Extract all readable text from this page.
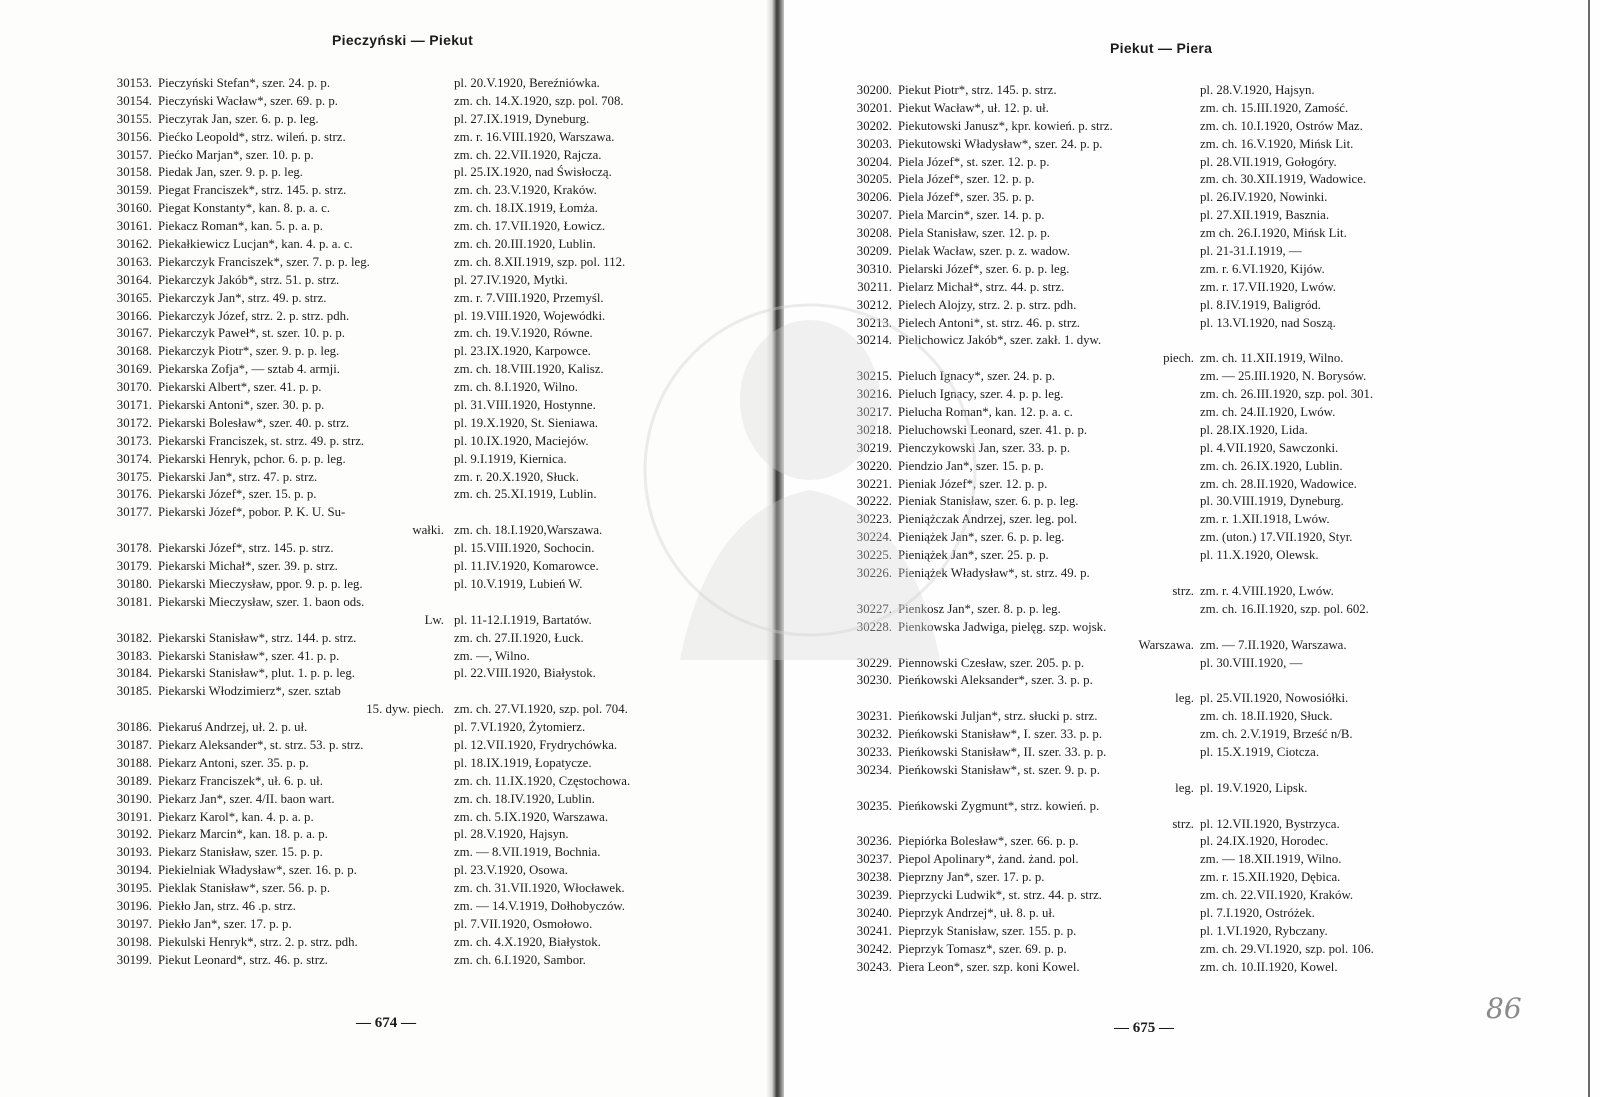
Pieczyński — Piekut
30153. Pieczyński Stefan*, szer. 24. p. p.	pl. 20.V.1920, Bereźniówka.
30154. Pieczyński Wacław*, szer. 69. p. p.	zm. ch. 14.X.1920, szp. pol. 708.
30155. Pieczyrak Jan, szer. 6. p. p. leg.	pl. 27.IX.1919, Dyneburg.
30156. Piećko Leopold*, strz. wileń. p. strz.	zm. r. 16.VIII.1920, Warszawa.
30157. Piećko Marjan*, szer. 10. p. p.	zm. ch. 22.VII.1920, Rajcza.
30158. Piedak Jan, szer. 9. p. p. leg.	pl. 25.IX.1920, nad Świsłoczą.
30159. Piegat Franciszek*, strz. 145. p. strz.	zm. ch. 23.V.1920, Kraków.
30160. Piegat Konstanty*, kan. 8. p. a. c.	zm. ch. 18.IX.1919, Łomża.
30161. Piekacz Roman*, kan. 5. p. a. p.	zm. ch. 17.VII.1920, Łowicz.
30162. Piekałkiewicz Lucjan*, kan. 4. p. a. c.	zm. ch. 20.III.1920, Lublin.
30163. Piekarczyk Franciszek*, szer. 7. p. p. leg.	zm. ch. 8.XII.1919, szp. pol. 112.
30164. Piekarczyk Jakób*, strz. 51. p. strz.	pl. 27.IV.1920, Mytki.
30165. Piekarczyk Jan*, strz. 49. p. strz.	zm. r. 7.VIII.1920, Przemyśl.
30166. Piekarczyk Józef, strz. 2. p. strz. pdh.	pl. 19.VIII.1920, Wojewódki.
30167. Piekarczyk Paweł*, st. szer. 10. p. p.	zm. ch. 19.V.1920, Równe.
30168. Piekarczyk Piotr*, szer. 9. p. p. leg.	pl. 23.IX.1920, Karpowce.
30169. Piekarska Zofja*, — sztab 4. armji.	zm. ch. 18.VIII.1920, Kalisz.
30170. Piekarski Albert*, szer. 41. p. p.	zm. ch. 8.I.1920, Wilno.
30171. Piekarski Antoni*, szer. 30. p. p.	pl. 31.VIII.1920, Hostynne.
30172. Piekarski Bolesław*, szer. 40. p. strz.	pl. 19.X.1920, St. Sieniawa.
30173. Piekarski Franciszek, st. strz. 49. p. strz.	pl. 10.IX.1920, Maciejów.
30174. Piekarski Henryk, pchor. 6. p. p. leg.	pl. 9.I.1919, Kiernica.
30175. Piekarski Jan*, strz. 47. p. strz.	zm. r. 20.X.1920, Słuck.
30176. Piekarski Józef*, szer. 15. p. p.	zm. ch. 25.XI.1919, Lublin.
30177. Piekarski Józef*, pobor. P. K. U. Su-
wałki. zm. ch. 18.I.1920,Warszawa.
30178. Piekarski Józef*, strz. 145. p. strz.	pl. 15.VIII.1920, Sochocin.
30179. Piekarski Michał*, szer. 39. p. strz.	pl. 11.IV.1920, Komarowce.
30180. Piekarski Mieczysław, ppor. 9. p. p. leg.	pl. 10.V.1919, Lubień W.
30181. Piekarski Mieczysław, szer. 1. baon ods.
Lw. pl. 11-12.I.1919, Bartatów.
30182. Piekarski Stanisław*, strz. 144. p. strz.	zm. ch. 27.II.1920, Łuck.
30183. Piekarski Stanisław*, szer. 41. p. p.	zm. —, Wilno.
30184. Piekarski Stanisław*, plut. 1. p. p. leg.	pl. 22.VIII.1920, Białystok.
30185. Piekarski Włodzimierz*, szer. sztab
15. dyw. piech. zm. ch. 27.VI.1920, szp. pol. 704.
30186. Piekaruś Andrzej, uł. 2. p. uł.	pl. 7.VI.1920, Żytomierz.
30187. Piekarz Aleksander*, st. strz. 53. p. strz.	pl. 12.VII.1920, Frydrychówka.
30188. Piekarz Antoni, szer. 35. p. p.	pl. 18.IX.1919, Łopatycze.
30189. Piekarz Franciszek*, uł. 6. p. uł.	zm. ch. 11.IX.1920, Częstochowa.
30190. Piekarz Jan*, szer. 4/II. baon wart.	zm. ch. 18.IV.1920, Lublin.
30191. Piekarz Karol*, kan. 4. p. a. p.	zm. ch. 5.IX.1920, Warszawa.
30192. Piekarz Marcin*, kan. 18. p. a. p.	pl. 28.V.1920, Hajsyn.
30193. Piekarz Stanisław, szer. 15. p. p.	zm. — 8.VII.1919, Bochnia.
30194. Piekielniak Władysław*, szer. 16. p. p.	pl. 23.V.1920, Osowa.
30195. Pieklak Stanisław*, szer. 56. p. p.	zm. ch. 31.VII.1920, Włocławek.
30196. Piekło Jan, strz. 46 .p. strz.	zm. — 14.V.1919, Dołhobyczów.
30197. Piekło Jan*, szer. 17. p. p.	pl. 7.VII.1920, Osmołowo.
30198. Piekulski Henryk*, strz. 2. p. strz. pdh.	zm. ch. 4.X.1920, Białystok.
30199. Piekut Leonard*, strz. 46. p. strz.	zm. ch. 6.I.1920, Sambor.
— 674 —
Piekut — Piera
30200. Piekut Piotr*, strz. 145. p. strz.	pl. 28.V.1920, Hajsyn.
30201. Piekut Wacław*, uł. 12. p. uł.	zm. ch. 15.III.1920, Zamość.
30202. Piekutowski Janusz*, kpr. kowień. p. strz.	zm. ch. 10.I.1920, Ostrów Maz.
30203. Piekutowski Władysław*, szer. 24. p. p.	zm. ch. 16.V.1920, Mińsk Lit.
30204. Piela Józef*, st. szer. 12. p. p.	pl. 28.VII.1919, Gołogóry.
30205. Piela Józef*, szer. 12. p. p.	zm. ch. 30.XII.1919, Wadowice.
30206. Piela Józef*, szer. 35. p. p.	pl. 26.IV.1920, Nowinki.
30207. Piela Marcin*, szer. 14. p. p.	pl. 27.XII.1919, Basznia.
30208. Piela Stanisław, szer. 12. p. p.	zm ch. 26.I.1920, Mińsk Lit.
30209. Pielak Wacław, szer. p. z. wadow.	pl. 21-31.I.1919, —
30310. Pielarski Józef*, szer. 6. p. p. leg.	zm. r. 6.VI.1920, Kijów.
30211. Pielarz Michał*, strz. 44. p. strz.	zm. r. 17.VII.1920, Lwów.
30212. Pielech Alojzy, strz. 2. p. strz. pdh.	pl. 8.IV.1919, Baligród.
30213. Pielech Antoni*, st. strz. 46. p. strz.	pl. 13.VI.1920, nad Soszą.
30214. Pielichowicz Jakób*, szer. zakł. 1. dyw.
piech. zm. ch. 11.XII.1919, Wilno.
30215. Pieluch Ignacy*, szer. 24. p. p.	zm. — 25.III.1920, N. Borysów.
30216. Pieluch Ignacy, szer. 4. p. p. leg.	zm. ch. 26.III.1920, szp. pol. 301.
30217. Pielucha Roman*, kan. 12. p. a. c.	zm. ch. 24.II.1920, Lwów.
30218. Pieluchowski Leonard, szer. 41. p. p.	pl. 28.IX.1920, Lida.
30219. Pienczykowski Jan, szer. 33. p. p.	pl. 4.VII.1920, Sawczonki.
30220. Piendzio Jan*, szer. 15. p. p.	zm. ch. 26.IX.1920, Lublin.
30221. Pieniak Józef*, szer. 12. p. p.	zm. ch. 28.II.1920, Wadowice.
30222. Pieniak Stanisław, szer. 6. p. p. leg.	pl. 30.VIII.1919, Dyneburg.
30223. Pieniążczak Andrzej, szer. leg. pol.	zm. r. 1.XII.1918, Lwów.
30224. Pieniążek Jan*, szer. 6. p. p. leg.	zm. (uton.) 17.VII.1920, Styr.
30225. Pieniążek Jan*, szer. 25. p. p.	pl. 11.X.1920, Olewsk.
30226. Pieniążek Władysław*, st. strz. 49. p.
strz. zm. r. 4.VIII.1920, Lwów.
30227. Pienkosz Jan*, szer. 8. p. p. leg.	zm. ch. 16.II.1920, szp. pol. 602.
30228. Pienkowska Jadwiga, pielęg. szp. wojsk.
Warszawa. zm. — 7.II.1920, Warszawa.
30229. Piennowski Czesław, szer. 205. p. p.	pl. 30.VIII.1920, —
30230. Pieńkowski Aleksander*, szer. 3. p. p.
leg. pl. 25.VII.1920, Nowosiółki.
30231. Pieńkowski Juljan*, strz. słucki p. strz.	zm. ch. 18.II.1920, Słuck.
30232. Pieńkowski Stanisław*, I. szer. 33. p. p.	zm. ch. 2.V.1919, Brześć n/B.
30233. Pieńkowski Stanisław*, II. szer. 33. p. p.	pl. 15.X.1919, Ciotcza.
30234. Pieńkowski Stanisław*, st. szer. 9. p. p.
leg. pl. 19.V.1920, Lipsk.
30235. Pieńkowski Zygmunt*, strz. kowień. p.
strz. pl. 12.VII.1920, Bystrzyca.
30236. Piepiórka Bolesław*, szer. 66. p. p.	pl. 24.IX.1920, Horodec.
30237. Piepol Apolinary*, żand. żand. pol.	zm. — 18.XII.1919, Wilno.
30238. Pieprzny Jan*, szer. 17. p. p.	zm. r. 15.XII.1920, Dębica.
30239. Pieprzycki Ludwik*, st. strz. 44. p. strz.	zm. ch. 22.VII.1920, Kraków.
30240. Pieprzyk Andrzej*, uł. 8. p. uł.	pl. 7.I.1920, Ostróżek.
30241. Pieprzyk Stanisław, szer. 155. p. p.	pl. 1.VI.1920, Rybczany.
30242. Pieprzyk Tomasz*, szer. 69. p. p.	zm. ch. 29.VI.1920, szp. pol. 106.
30243. Piera Leon*, szer. szp. koni Kowel.	zm. ch. 10.II.1920, Kowel.
— 675 —
86
